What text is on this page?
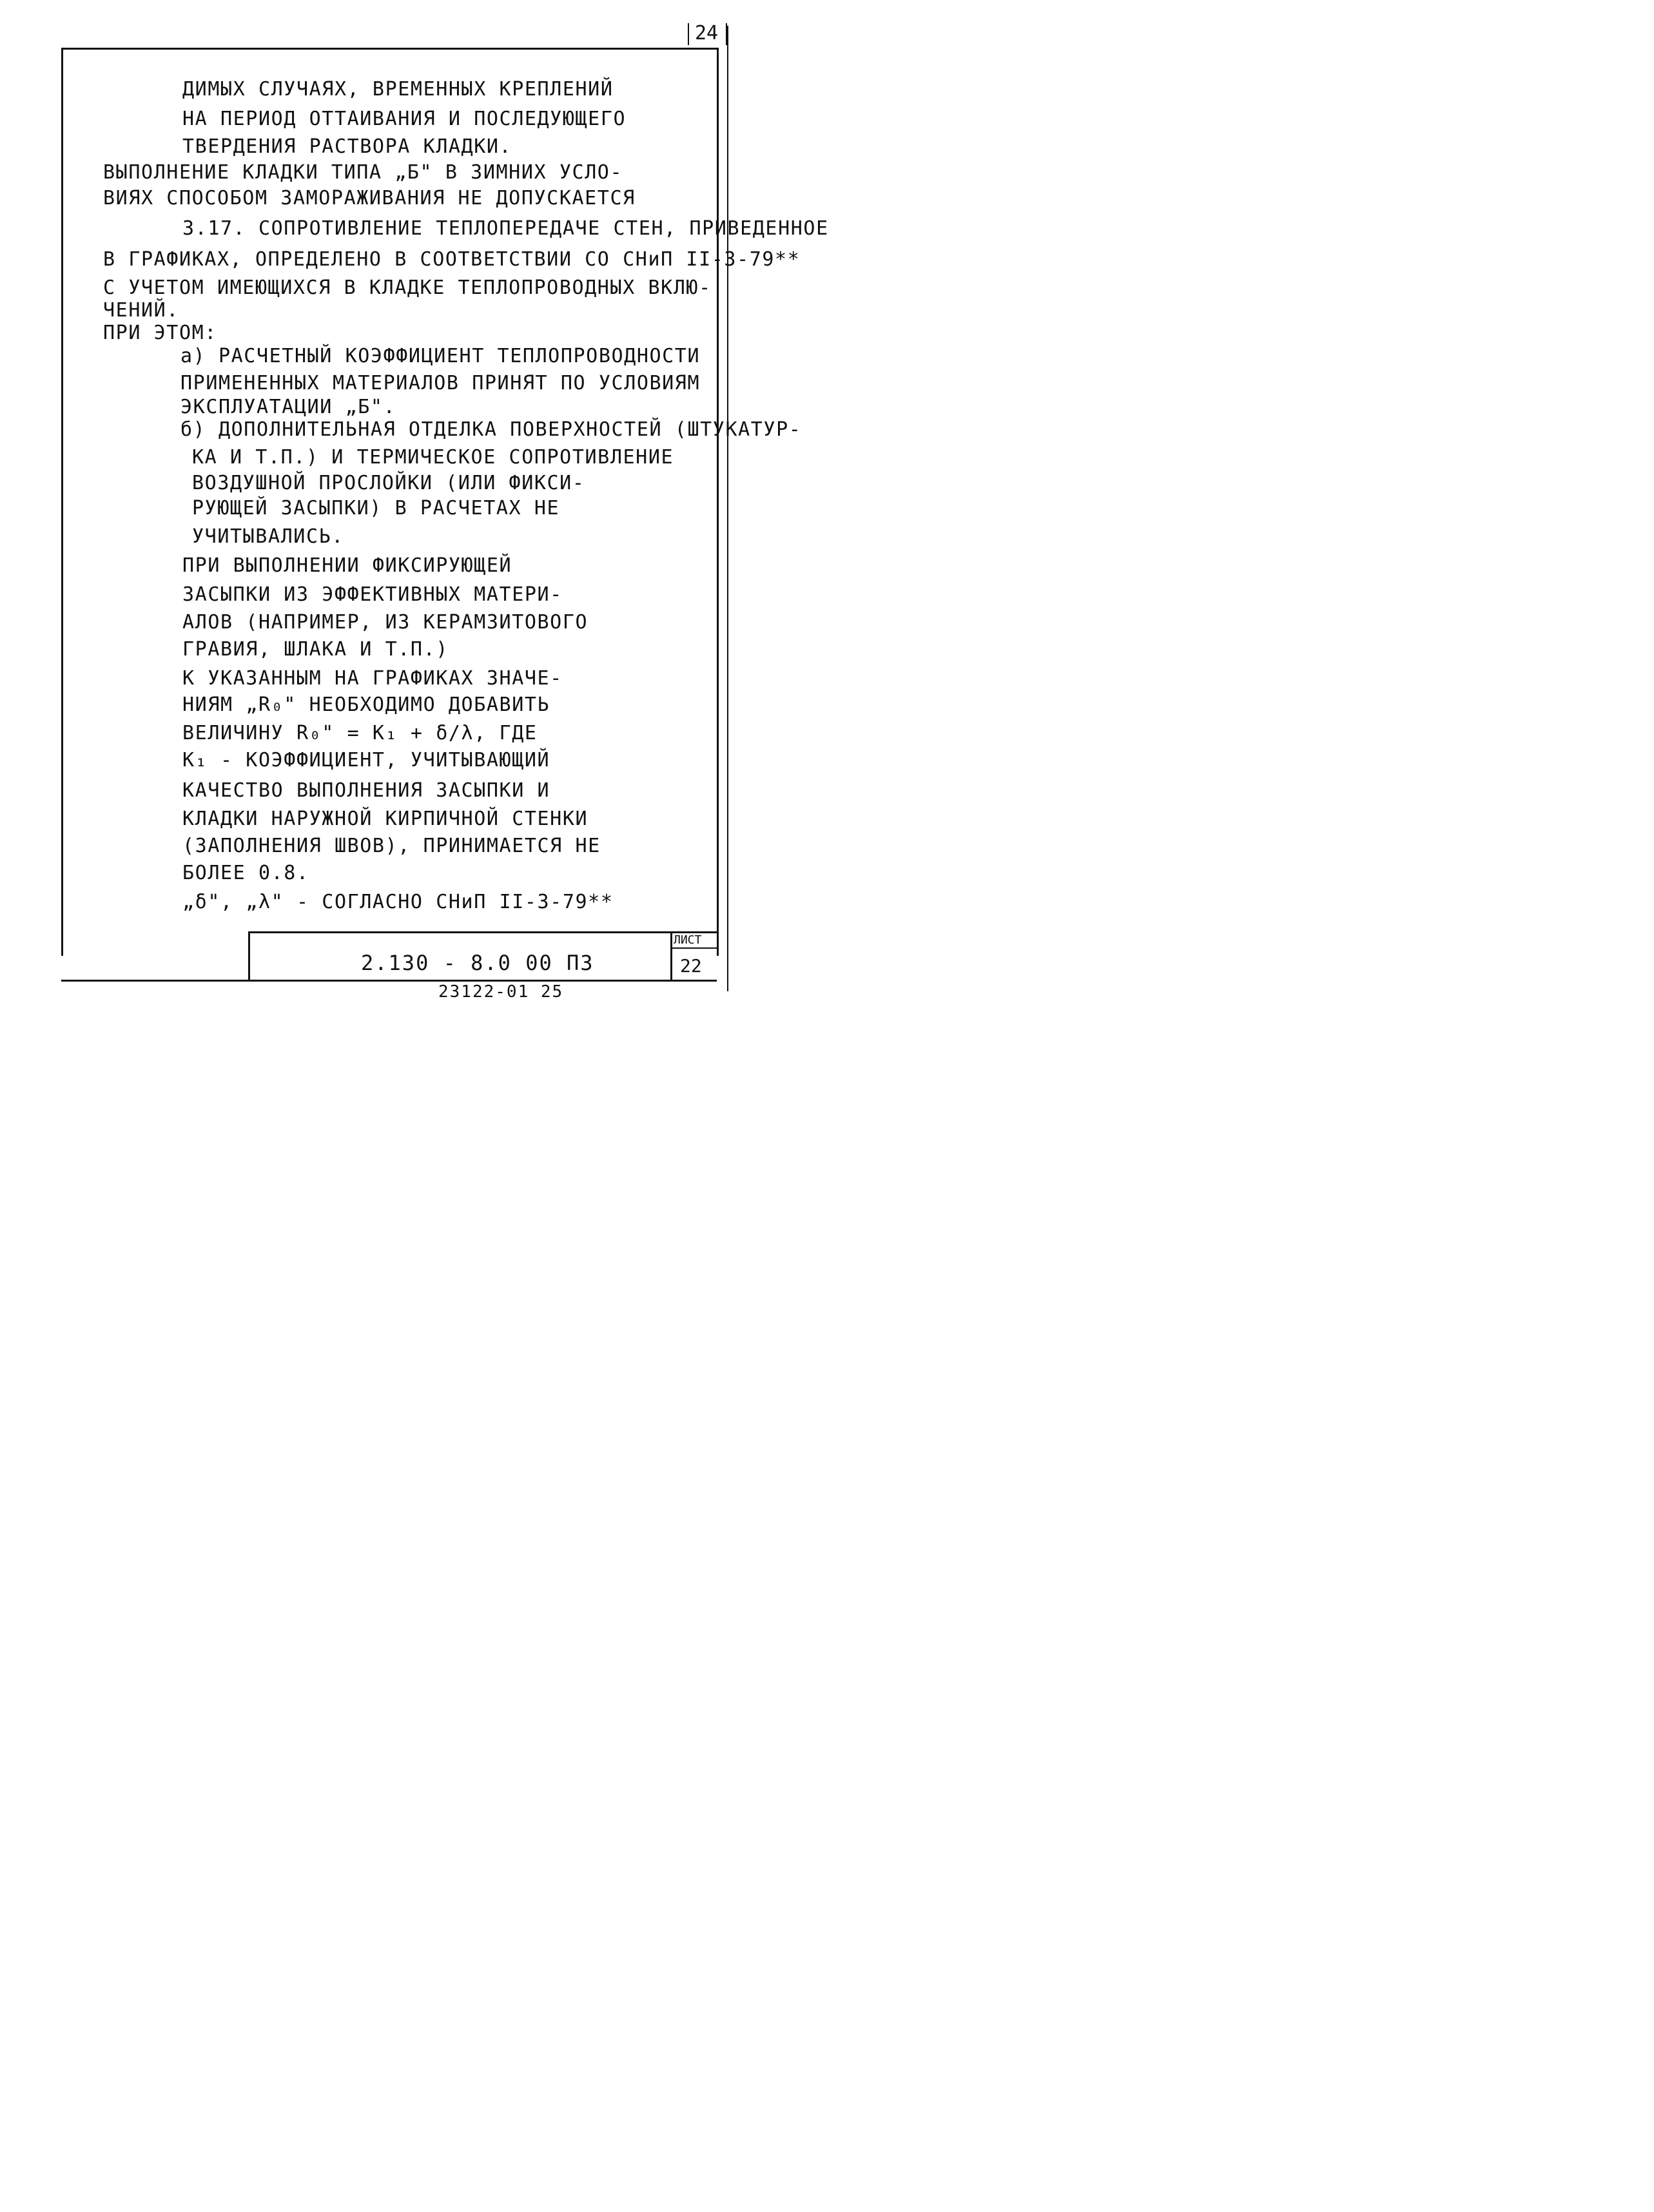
24
ДИМЫХ СЛУЧАЯХ, ВРЕМЕННЫХ КРЕПЛЕНИЙ
НА ПЕРИОД ОТТАИВАНИЯ И ПОСЛЕДУЮЩЕГО
ТВЕРДЕНИЯ РАСТВОРА КЛАДКИ.
ВЫПОЛНЕНИЕ КЛАДКИ ТИПА „Б" В ЗИМНИХ УСЛО-
ВИЯХ СПОСОБОМ ЗАМОРАЖИВАНИЯ НЕ ДОПУСКАЕТСЯ
3.17. СОПРОТИВЛЕНИЕ ТЕПЛОПЕРЕДАЧЕ СТЕН, ПРИВЕДЕННОЕ
В ГРАФИКАХ, ОПРЕДЕЛЕНО В СООТВЕТСТВИИ СО СНиП II-3-79**
С УЧЕТОМ ИМЕЮЩИХСЯ В КЛАДКЕ ТЕПЛОПРОВОДНЫХ ВКЛЮ-
ЧЕНИЙ.
ПРИ ЭТОМ:
а) РАСЧЕТНЫЙ КОЭФФИЦИЕНТ ТЕПЛОПРОВОДНОСТИ
ПРИМЕНЕННЫХ МАТЕРИАЛОВ ПРИНЯТ ПО УСЛОВИЯМ
ЭКСПЛУАТАЦИИ „Б".
б) ДОПОЛНИТЕЛЬНАЯ ОТДЕЛКА ПОВЕРХНОСТЕЙ (ШТУКАТУР-
КА И Т.П.) И ТЕРМИЧЕСКОЕ СОПРОТИВЛЕНИЕ
ВОЗДУШНОЙ ПРОСЛОЙКИ (ИЛИ ФИКСИ-
РУЮЩЕЙ ЗАСЫПКИ) В РАСЧЕТАХ НЕ
УЧИТЫВАЛИСЬ.
ПРИ ВЫПОЛНЕНИИ ФИКСИРУЮЩЕЙ
ЗАСЫПКИ ИЗ ЭФФЕКТИВНЫХ МАТЕРИ-
АЛОВ (НАПРИМЕР, ИЗ КЕРАМЗИТОВОГО
ГРАВИЯ, ШЛАКА И Т.П.)
К УКАЗАННЫМ НА ГРАФИКАХ ЗНАЧЕ-
НИЯМ „R₀" НЕОБХОДИМО ДОБАВИТЬ
ВЕЛИЧИНУ R₀" = K₁ + δ/λ, ГДЕ
K₁ - КОЭФФИЦИЕНТ, УЧИТЫВАЮЩИЙ
КАЧЕСТВО ВЫПОЛНЕНИЯ ЗАСЫПКИ И
КЛАДКИ НАРУЖНОЙ КИРПИЧНОЙ СТЕНКИ
(ЗАПОЛНЕНИЯ ШВОВ), ПРИНИМАЕТСЯ НЕ
БОЛЕЕ 0.8.
„δ", „λ" - СОГЛАСНО СНиП II-3-79**
2.130 - 8.0 00 ПЗ
ЛИСТ
22
23122-01 25
